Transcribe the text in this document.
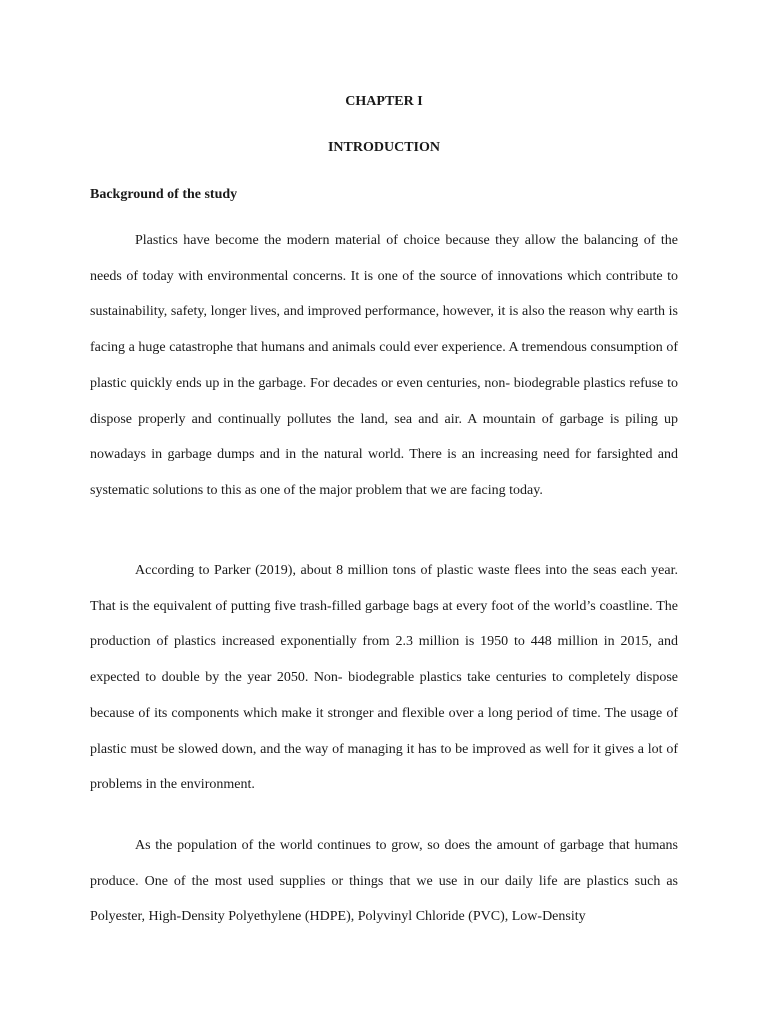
CHAPTER I
INTRODUCTION
Background of the study

Plastics have become the modern material of choice because they allow the balancing of the needs of today with environmental concerns. It is one of the source of innovations which contribute to sustainability, safety, longer lives, and improved performance, however, it is also the reason why earth is facing a huge catastrophe that humans and animals could ever experience. A tremendous consumption of plastic quickly ends up in the garbage. For decades or even centuries, non- biodegrable plastics refuse to dispose properly and continually pollutes the land, sea and air. A mountain of garbage is piling up nowadays in garbage dumps and in the natural world. There is an increasing need for farsighted and systematic solutions to this as one of the major problem that we are facing today.

According to Parker (2019), about 8 million tons of plastic waste flees into the seas each year. That is the equivalent of putting five trash-filled garbage bags at every foot of the world’s coastline. The production of plastics increased exponentially from 2.3 million is 1950 to 448 million in 2015, and expected to double by the year 2050. Non- biodegrable plastics take centuries to completely dispose because of its components which make it stronger and flexible over a long period of time. The usage of plastic must be slowed down, and the way of managing it has to be improved as well for it gives a lot of problems in the environment.

As the population of the world continues to grow, so does the amount of garbage that humans produce. One of the most used supplies or things that we use in our daily life are plastics such as Polyester, High-Density Polyethylene (HDPE), Polyvinyl Chloride (PVC), Low-Density
